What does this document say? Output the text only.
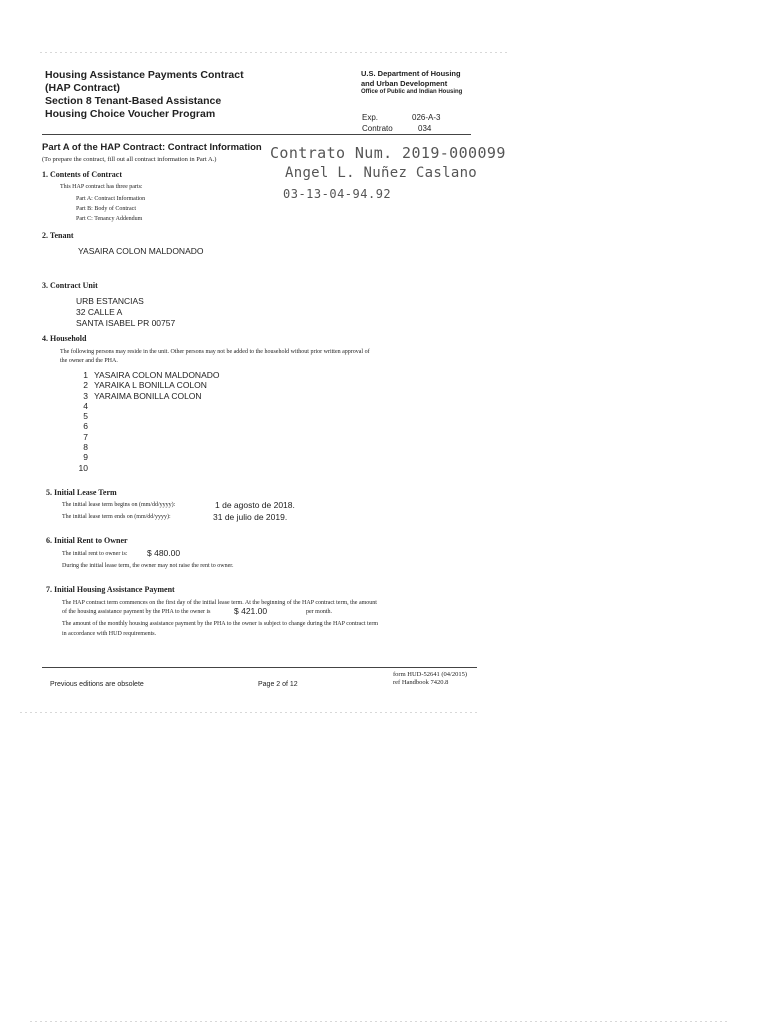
Housing Assistance Payments Contract
(HAP Contract)
Section 8 Tenant-Based Assistance
Housing Choice Voucher Program
U.S. Department of Housing
and Urban Development
Office of Public and Indian Housing
Exp.	026-A-3
Contrato	034
Part A of the HAP Contract: Contract Information
(To prepare the contract, fill out all contract information in Part A.)	Contrato Num. 2019-000099
Angel L. Nuñez Caslano
03-13-04-94.92
1. Contents of Contract
This HAP contract has three parts:
Part A: Contract Information
Part B: Body of Contract
Part C: Tenancy Addendum
2. Tenant
YASAIRA COLON MALDONADO
3. Contract Unit
URB ESTANCIAS
32 CALLE A
SANTA ISABEL PR 00757
4. Household
The following persons may reside in the unit. Other persons may not be added to the household without prior written approval of
the owner and the PHA.
1 YASAIRA COLON MALDONADO
2 YARAIKA L BONILLA COLON
3 YARAIMA BONILLA COLON
4
5
6
7
8
9
10
5. Initial Lease Term
The initial lease term begins on (mm/dd/yyyy):	1 de agosto de 2018.
The initial lease term ends on (mm/dd/yyyy):	31 de julio de 2019.
6. Initial Rent to Owner
The initial rent to owner is: $ 480.00
During the initial lease term, the owner may not raise the rent to owner.
7. Initial Housing Assistance Payment
The HAP contract term commences on the first day of the initial lease term. At the beginning of the HAP contract term, the amount
of the housing assistance payment by the PHA to the owner is	$ 421.00	per month.
The amount of the monthly housing assistance payment by the PHA to the owner is subject to change during the HAP contract term
in accordance with HUD requirements.
Previous editions are obsolete	Page 2 of 12
form HUD-52641 (04/2015)
ref Handbook 7420.8
